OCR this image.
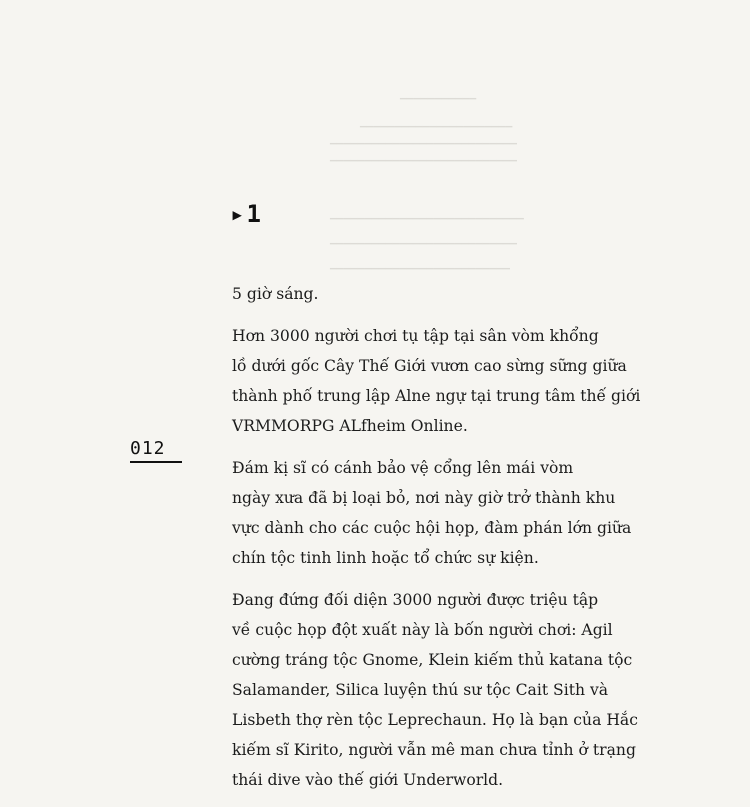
▁▁▁▁▁▁▁▁▁▁▁
▁▁▁▁▁▁▁▁▁▁▁▁▁▁▁▁▁▁▁▁▁▁
▁▁▁▁▁▁▁▁▁▁▁▁▁▁▁▁▁▁▁▁▁▁▁▁▁▁▁
▁▁▁▁▁▁▁▁▁▁▁▁▁▁▁▁▁▁▁▁▁▁▁▁▁▁▁
▁▁▁▁▁▁▁▁▁▁▁▁▁▁▁▁▁▁▁▁▁▁▁▁▁▁▁▁
▁▁▁▁▁▁▁▁▁▁▁▁▁▁▁▁▁▁▁▁▁▁▁▁▁▁▁
▁▁▁▁▁▁▁▁▁▁▁▁▁▁▁▁▁▁▁▁▁▁▁▁▁▁
▸1
012
5 giờ sáng.
Hơn 3000 người chơi tụ tập tại sân vòm khổng
lồ dưới gốc Cây Thế Giới vươn cao sừng sững giữa
thành phố trung lập Alne ngự tại trung tâm thế giới
VRMMORPG ALfheim Online.
Đám kị sĩ có cánh bảo vệ cổng lên mái vòm
ngày xưa đã bị loại bỏ, nơi này giờ trở thành khu
vực dành cho các cuộc hội họp, đàm phán lớn giữa
chín tộc tinh linh hoặc tổ chức sự kiện.
Đang đứng đối diện 3000 người được triệu tập
về cuộc họp đột xuất này là bốn người chơi: Agil
cường tráng tộc Gnome, Klein kiếm thủ katana tộc
Salamander, Silica luyện thú sư tộc Cait Sith và
Lisbeth thợ rèn tộc Leprechaun. Họ là bạn của Hắc
kiếm sĩ Kirito, người vẫn mê man chưa tỉnh ở trạng
thái dive vào thế giới Underworld.
